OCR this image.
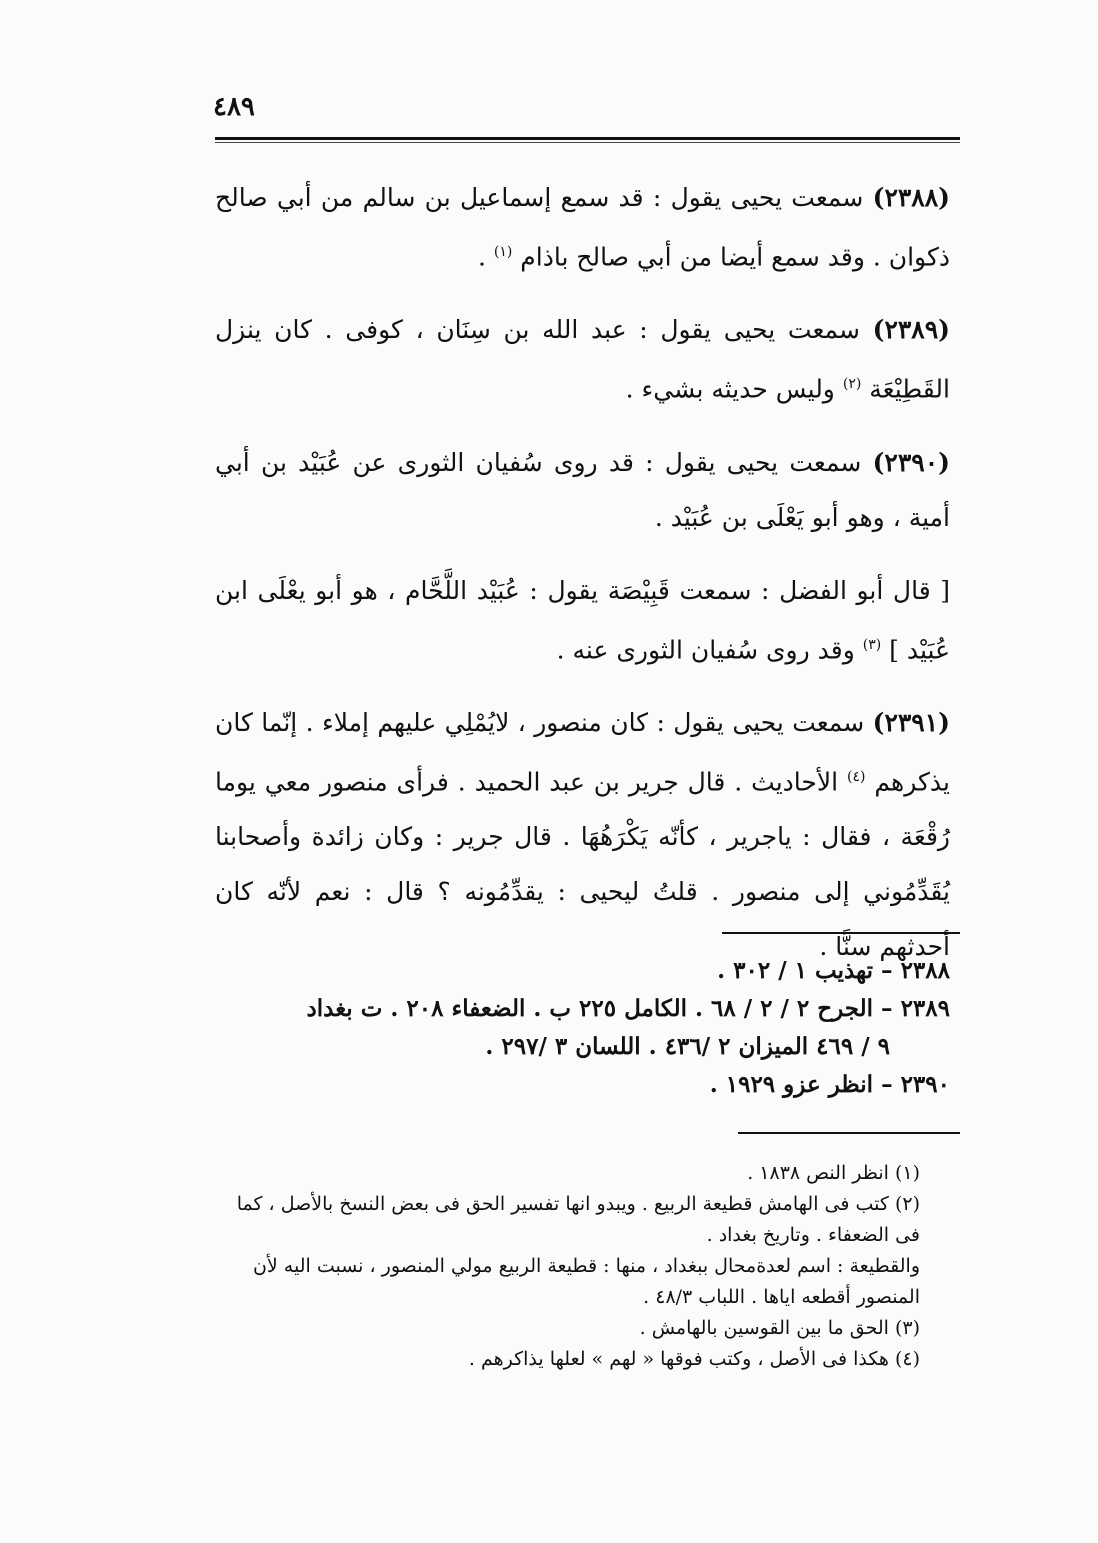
٤٨٩

(٢٣٨٨) سمعت يحيى يقول : قد سمع إسماعيل بن سالم من أبي صالح ذكوان . وقد سمع أيضا من أبي صالح باذام $^{(١)}$ .

(٢٣٨٩) سمعت يحيى يقول : عبد الله بن سِنَان ، كوفى . كان ينزل القَطِيْعَة $^{(٢)}$ وليس حديثه بشيء .

(٢٣٩٠) سمعت يحيى يقول : قد روى سُفيان الثورى عن عُبَيْد بن أبي أمية ، وهو أبو يَعْلَى بن عُبَيْد .

[ قال أبو الفضل : سمعت قَبِيْصَة يقول : عُبَيْد اللَّحَّام ، هو أبو يعْلَى ابن عُبَيْد ] $^{(٣)}$ وقد روى سُفيان الثورى عنه .

(٢٣٩١) سمعت يحيى يقول : كان منصور ، لايُمْلِي عليهم إملاء . إنّما كان يذكرهم $^{(٤)}$ الأحاديث . قال جرير بن عبد الحميد . فرأى منصور معي يوما رُقْعَة ، فقال : ياجرير ، كأنّه يَكْرَهُهَا . قال جرير : وكان زائدة وأصحابنا يُقَدِّمُوني إلى منصور . قلتُ ليحيى : يقدِّمُونه ؟ قال : نعم لأنّه كان أحدثهم سنًّا .

٢٣٨٨ – تهذيب ١ / ٣٠٢ .

٢٣٨٩ – الجرح ٢ / ٢ / ٦٨ . الكامل ٢٢٥ ب . الضعفاء ٢٠٨ . ت بغداد

٩ / ٤٦٩ الميزان ٢ /٤٣٦ . اللسان ٣ /٢٩٧ .

٢٣٩٠ – انظر عزو ١٩٢٩ .

(١) انظر النص ١٨٣٨ .

(٢) كتب فى الهامش قطيعة الربيع . ويبدو انها تفسير الحق فى بعض النسخ بالأصل ، كما فى الضعفاء . وتاريخ بغداد .

والقطيعة : اسم لعدةمحال ببغداد ، منها : قطيعة الربيع مولي المنصور ، نسبت اليه لأن المنصور أقطعه اياها . اللباب ٤٨/٣ .

(٣) الحق ما بين القوسين بالهامش .

(٤) هكذا فى الأصل ، وكتب فوقها « لهم » لعلها يذاكرهم .
